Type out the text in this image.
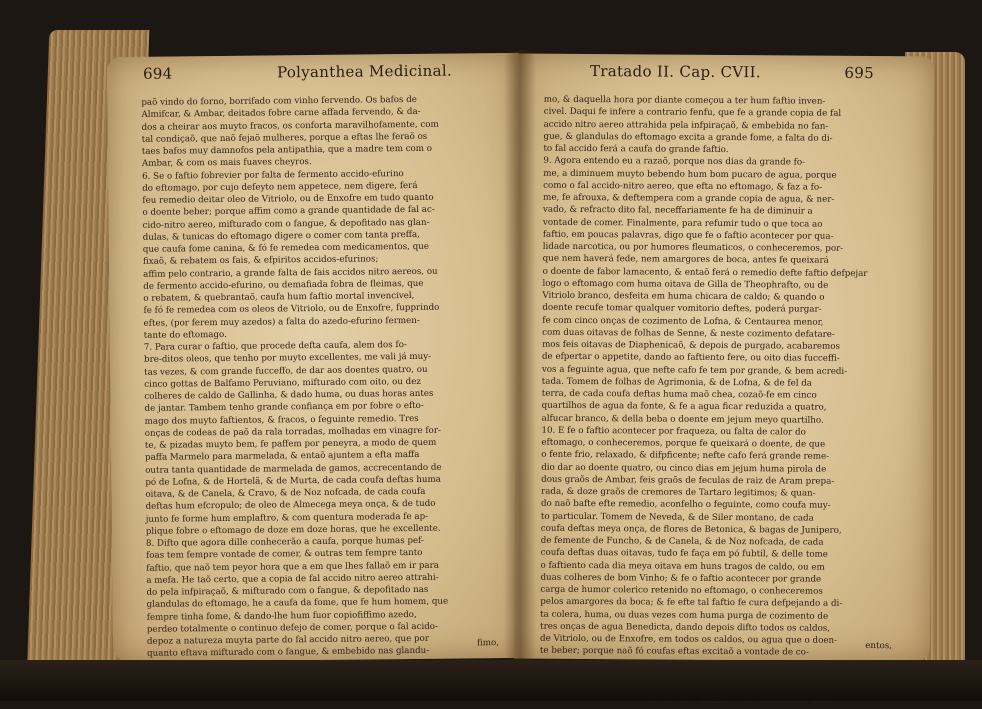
694	Polyanthea Medicinal.
paõ vindo do forno, borrifado com vinho fervendo. Os bafos de
Almifcar, & Ambar, deitados fobre carne affada fervendo, & da-
dos a cheirar aos muyto fracos, os conforta maravilhofamente, com
tal condiçaõ, que naõ fejaõ mulheres, porque a eftas lhe feraõ os
taes bafos muy damnofos pela antipathia, que a madre tem com o
Ambar, & com os mais fuaves cheyros.
6. Se o faftio fobrevier por falta de fermento accido-efurino
do eftomago, por cujo defeyto nem appetece, nem digere, ferá
feu remedio deitar oleo de Vitriolo, ou de Enxofre em tudo quanto
o doente beber; porque affim como a grande quantidade de fal ac-
cido-nitro aereo, mifturado com o fangue, & depofitado nas glan-
dulas, & tunicas do eftomago digere o comer com tanta preffa,
que caufa fome canina, & fó fe remedea com medicamentos, que
fixaõ, & rebatem os fais, & efpiritos accidos-efurinos;
affim pelo contrario, a grande falta de fais accidos nitro aereos, ou
de fermento accido-efurino, ou demafiada fobra de fleimas, que
o rebatem, & quebrantaõ, caufa hum faftio mortal invencivel,
fe fó fe remedea com os oleos de Vitriolo, ou de Enxofre, fupprindo
eftes, (por ferem muy azedos) a falta do azedo-efurino fermen-
tante do eftomago.
7. Para curar o faftio, que procede defta caufa, alem dos fo-
bre-ditos oleos, que tenho por muyto excellentes, me vali já muy-
tas vezes, & com grande fucceffo, de dar aos doentes quatro, ou
cinco gottas de Balfamo Peruviano, mifturado com oito, ou dez
colheres de caldo de Gallinha, & dado huma, ou duas horas antes
de jantar. Tambem tenho grande confiança em por fobre o efto-
mago dos muyto faftientos, & fracos, o feguinte remedio. Tres
onças de codeas de paõ da rala torradas, molhadas em vinagre for-
te, & pizadas muyto bem, fe paffem por peneyra, a modo de quem
paffa Marmelo para marmelada, & entaõ ajuntem a efta maffa
outra tanta quantidade de marmelada de gamos, accrecentando de
pó de Lofna, & de Hortelã, & de Murta, de cada coufa deftas huma
oitava, & de Canela, & Cravo, & de Noz nofcada, de cada coufa
deftas hum efcropulo; de oleo de Almecega meya onça, & de tudo
junto fe forme hum emplaftro, & com quentura moderada fe ap-
plique fobre o eftomago de doze em doze horas, que he excellente.
8. Difto que agora dille conhecerão a caufa, porque humas pef-
foas tem fempre vontade de comer, & outras tem fempre tanto
faftio, que naõ tem peyor hora que a em que lhes fallaõ em ir para
a mefa. He taõ certo, que a copia de fal accido nitro aereo attrahi-
do pela infpiraçaõ, & mifturado com o fangue, & depofitado nas
glandulas do eftomago, he a caufa da fome, que fe hum homem, que
fempre tinha fome, & dando-lhe hum fuor copiofiffimo azedo,
perdeo totalmente o continuo defejo de comer, porque o fal acido-
depoz a natureza muyta parte do fal accido nitro aereo, que por
quanto eftava mifturado com o fangue, & embebido nas glandu-

fimo,
Tratado II. Cap. CVII.	695
mo, & daquella hora por diante começou a ter hum faftio inven-
civel. Daqui fe infere a contrario fenfu, que fe a grande copia de fal
accido nitro aereo attrahida pela infpiraçaõ, & embebida no fan-
gue, & glandulas do eftomago excita a grande fome, a falta do di-
to fal accido ferá a caufa do grande faftio.
9. Agora entendo eu a razaõ, porque nos dias da grande fo-
me, a diminuem muyto bebendo hum bom pucaro de agua, porque
como o fal accido-nitro aereo, que efta no eftomago, & faz a fo-
me, fe afrouxa, & deftempera com a grande copia de agua, & ner-
vado, & refracto dito fal, neceffariamente fe ha de diminuir a
vontade de comer. Finalmente, para refumir tudo o que toca ao
faftio, em poucas palavras, digo que fe o faftio acontecer por qua-
lidade narcotica, ou por humores fleumaticos, o conheceremos, por-
que nem haverá fede, nem amargores de boca, antes fe queixará
o doente de fabor lamacento, & entaõ ferá o remedio defte faftio defpejar
logo o eftomago com huma oitava de Gilla de Theophrafto, ou de
Vitriolo branco, desfeita em huma chicara de caldo; & quando o
doente recufe tomar qualquer vomitorio deftes, poderá purgar-
fe com cinco onças de cozimento de Lofna, & Centaurea menor,
com duas oitavas de folhas de Senne, & neste cozimento defatare-
mos feis oitavas de Diaphenicaõ, & depois de purgado, acabaremos
de efpertar o appetite, dando ao faftiento fere, ou oito dias fucceffi-
vos a feguinte agua, que nefte cafo fe tem por grande, & bem acredi-
tada. Tomem de folhas de Agrimonia, & de Lofna, & de fel da
terra, de cada coufa deftas huma maõ chea, cozaõ-fe em cinco
quartilhos de agua da fonte, & fe a agua ficar reduzida a quatro,
alfucar branco, & della beba o doente em jejum meyo quartilho.
10. E fe o faftio acontecer por fraqueza, ou falta de calor do
eftomago, o conheceremos, porque fe queixará o doente, de que
o fente frio, relaxado, & difpficente; nefte cafo ferá grande reme-
dio dar ao doente quatro, ou cinco dias em jejum huma pirola de
dous graõs de Ambar, feis graõs de feculas de raiz de Aram prepa-
rada, & doze graõs de cremores de Tartaro legitimos; & quan-
do naõ bafte efte remedio, aconfelho o feguinte, como coufa muy-
to particular. Tomem de Neveda, & de Siler montano, de cada
coufa deftas meya onça, de flores de Betonica, & bagas de Junipero,
de femente de Funcho, & de Canela, & de Noz nofcada, de cada
coufa deftas duas oitavas, tudo fe faça em pó fubtil, & delle tome
o faftiento cada dia meya oitava em huns tragos de caldo, ou em
duas colheres de bom Vinho; & fe o faftio acontecer por grande
carga de humor colerico retenido no eftomago, o conheceremos
pelos amargores da boca; & fe efte tal faftio fe cura defpejando a di-
ta colera, huma, ou duas vezes com huma purga de cozimento de
tres onças de agua Benedicta, dando depois difto todos os caldos,
de Vitriolo, ou de Enxofre, em todos os caldos, ou agua que o doen-
te beber; porque naõ fó coufas eftas excitaõ a vontade de co-

aos doentes extremofamente fafti-
entos,
